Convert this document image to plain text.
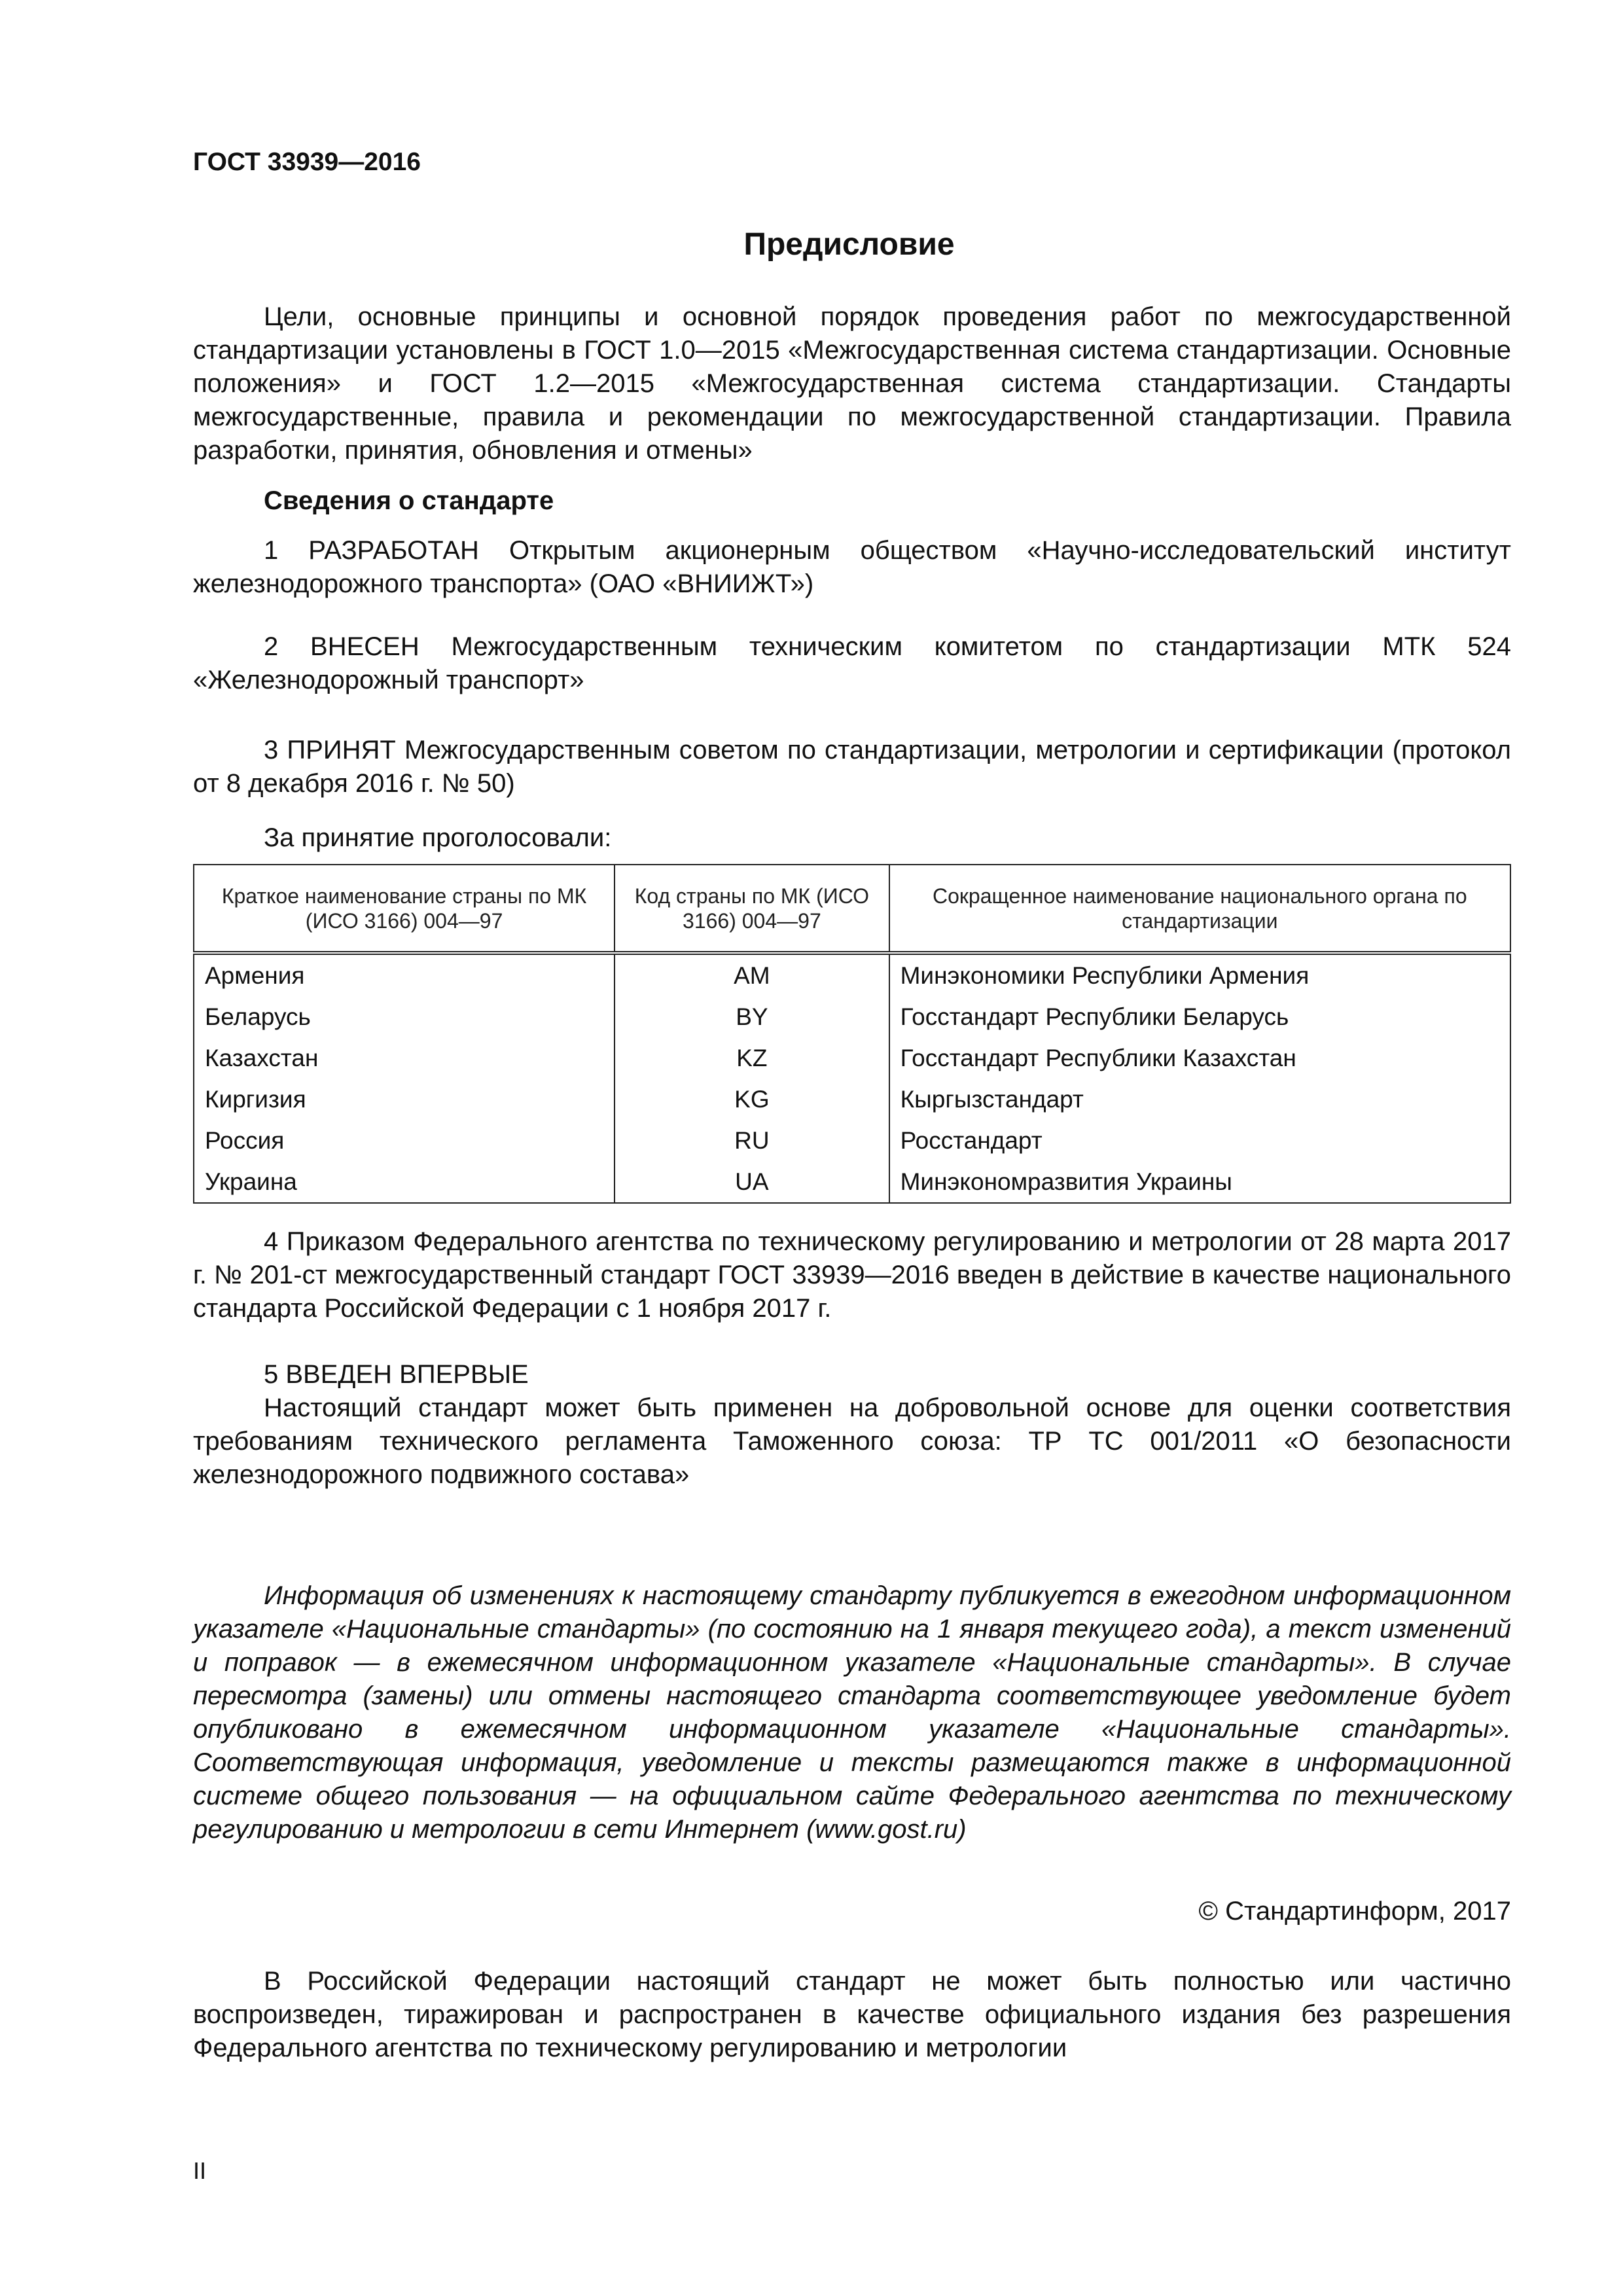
ГОСТ 33939—2016
Предисловие
Цели, основные принципы и основной порядок проведения работ по межгосударственной стандартизации установлены в ГОСТ 1.0—2015 «Межгосударственная система стандартизации. Основные положения» и ГОСТ 1.2—2015 «Межгосударственная система стандартизации. Стандарты межгосударственные, правила и рекомендации по межгосударственной стандартизации. Правила разработки, принятия, обновления и отмены»
Сведения о стандарте
1 РАЗРАБОТАН Открытым акционерным обществом «Научно-исследовательский институт железнодорожного транспорта» (ОАО «ВНИИЖТ»)
2 ВНЕСЕН Межгосударственным техническим комитетом по стандартизации МТК 524 «Железнодорожный транспорт»
3 ПРИНЯТ Межгосударственным советом по стандартизации, метрологии и сертификации (протокол от 8 декабря 2016 г. № 50)
За принятие проголосовали:
Краткое наименование страны по МК (ИСО 3166) 004—97	Код страны по МК (ИСО 3166) 004—97	Сокращенное наименование национального органа по стандартизации
Армения	AM	Минэкономики Республики Армения
Беларусь	BY	Госстандарт Республики Беларусь
Казахстан	KZ	Госстандарт Республики Казахстан
Киргизия	KG	Кыргызстандарт
Россия	RU	Росстандарт
Украина	UA	Минэкономразвития Украины
4 Приказом Федерального агентства по техническому регулированию и метрологии от 28 марта 2017 г. № 201-ст межгосударственный стандарт ГОСТ 33939—2016 введен в действие в качестве национального стандарта Российской Федерации с 1 ноября 2017 г.
5 ВВЕДЕН ВПЕРВЫЕ
Настоящий стандарт может быть применен на добровольной основе для оценки соответствия требованиям технического регламента Таможенного союза: ТР ТС 001/2011 «О безопасности железнодорожного подвижного состава»
Информация об изменениях к настоящему стандарту публикуется в ежегодном информационном указателе «Национальные стандарты» (по состоянию на 1 января текущего года), а текст изменений и поправок — в ежемесячном информационном указателе «Национальные стандарты». В случае пересмотра (замены) или отмены настоящего стандарта соответствующее уведомление будет опубликовано в ежемесячном информационном указателе «Национальные стандарты». Соответствующая информация, уведомление и тексты размещаются также в информационной системе общего пользования — на официальном сайте Федерального агентства по техническому регулированию и метрологии в сети Интернет (www.gost.ru)
© Стандартинформ, 2017
В Российской Федерации настоящий стандарт не может быть полностью или частично воспроизведен, тиражирован и распространен в качестве официального издания без разрешения Федерального агентства по техническому регулированию и метрологии
II
